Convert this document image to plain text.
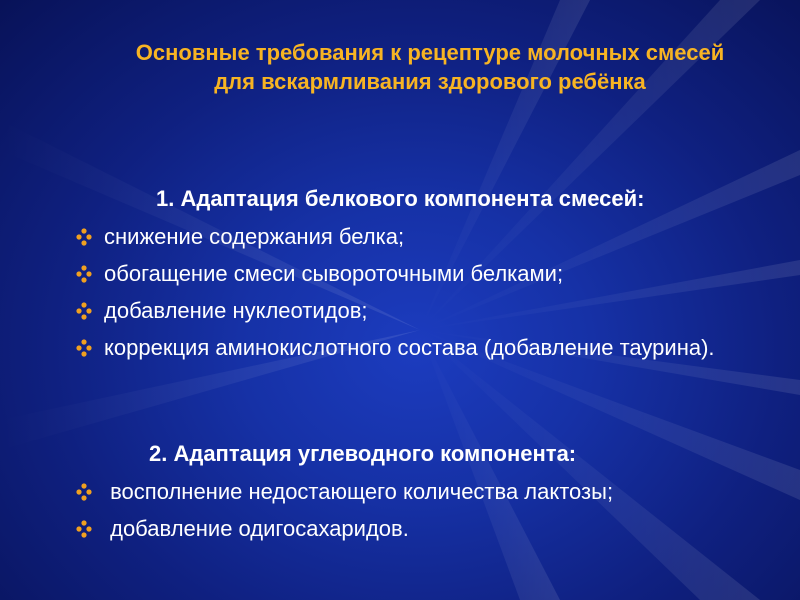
Основные требования к рецептуре молочных смесей
для вскармливания здорового ребёнка
1. Адаптация белкового компонента смесей:
снижение содержания белка;
обогащение смеси сывороточными белками;
добавление нуклеотидов;
коррекция аминокислотного состава (добавление таурина).
2. Адаптация углеводного компонента:
восполнение недостающего количества лактозы;
добавление одигосахаридов.
